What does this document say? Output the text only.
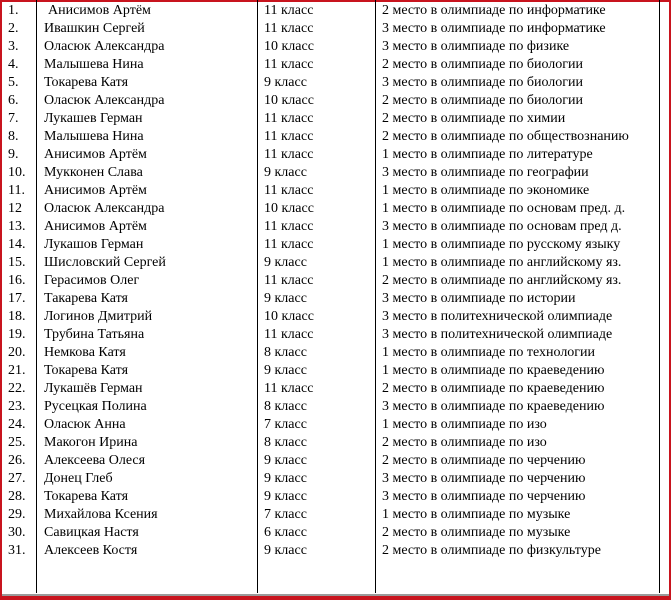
1.	Анисимов Артём	11 класс	2 место в олимпиаде по информатике
2.	Ивашкин Сергей	11 класс	3 место в олимпиаде по информатике
3.	Оласюк Александра	10 класс	3 место в олимпиаде по физике
4.	Малышева Нина	11 класс	2 место в олимпиаде по биологии
5.	Токарева Катя	9 класс	3 место в олимпиаде по биологии
6.	Оласюк Александра	10 класс	2 место в олимпиаде по биологии
7.	Лукашев Герман	11 класс	2 место в олимпиаде по химии
8.	Малышева Нина	11 класс	2 место в олимпиаде по обществознанию
9.	Анисимов Артём	11 класс	1 место в олимпиаде по литературе
10.	Мукконен Слава	9 класс	3 место в олимпиаде по географии
11.	Анисимов Артём	11 класс	1 место в олимпиаде по экономике
12	Оласюк Александра	10 класс	1 место в олимпиаде по основам пред. д.
13.	Анисимов Артём	11 класс	3 место в олимпиаде по основам пред д.
14.	Лукашов Герман	11 класс	1 место в олимпиаде по русскому языку
15.	Шисловский Сергей	9 класс	1 место в олимпиаде по английскому яз.
16.	Герасимов Олег	11 класс	2 место в олимпиаде по английскому яз.
17.	Такарева Катя	9 класс	3 место в олимпиаде по истории
18.	Логинов Дмитрий	10 класс	3 место в политехнической олимпиаде
19.	Трубина Татьяна	11 класс	3 место в политехнической олимпиаде
20.	Немкова Катя	8 класс	1 место в олимпиаде по технологии
21.	Токарева Катя	9 класс	1 место в олимпиаде по краеведению
22.	Лукашёв Герман	11 класс	2 место в олимпиаде по краеведению
23.	Русецкая Полина	8 класс	3 место в олимпиаде по краеведению
24.	Оласюк Анна	7 класс	1 место в олимпиаде по изо
25.	Макогон Ирина	8 класс	2 место в олимпиаде по изо
26.	Алексеева Олеся	9 класс	2 место в олимпиаде по черчению
27.	Донец Глеб	9 класс	3 место в олимпиаде по черчению
28.	Токарева Катя	9 класс	3 место в олимпиаде по черчению
29.	Михайлова Ксения	7 класс	1 место в олимпиаде по музыке
30.	Савицкая Настя	6 класс	2 место в олимпиаде по музыке
31.	Алексеев Костя	9 класс	2 место в олимпиаде по физкультуре
